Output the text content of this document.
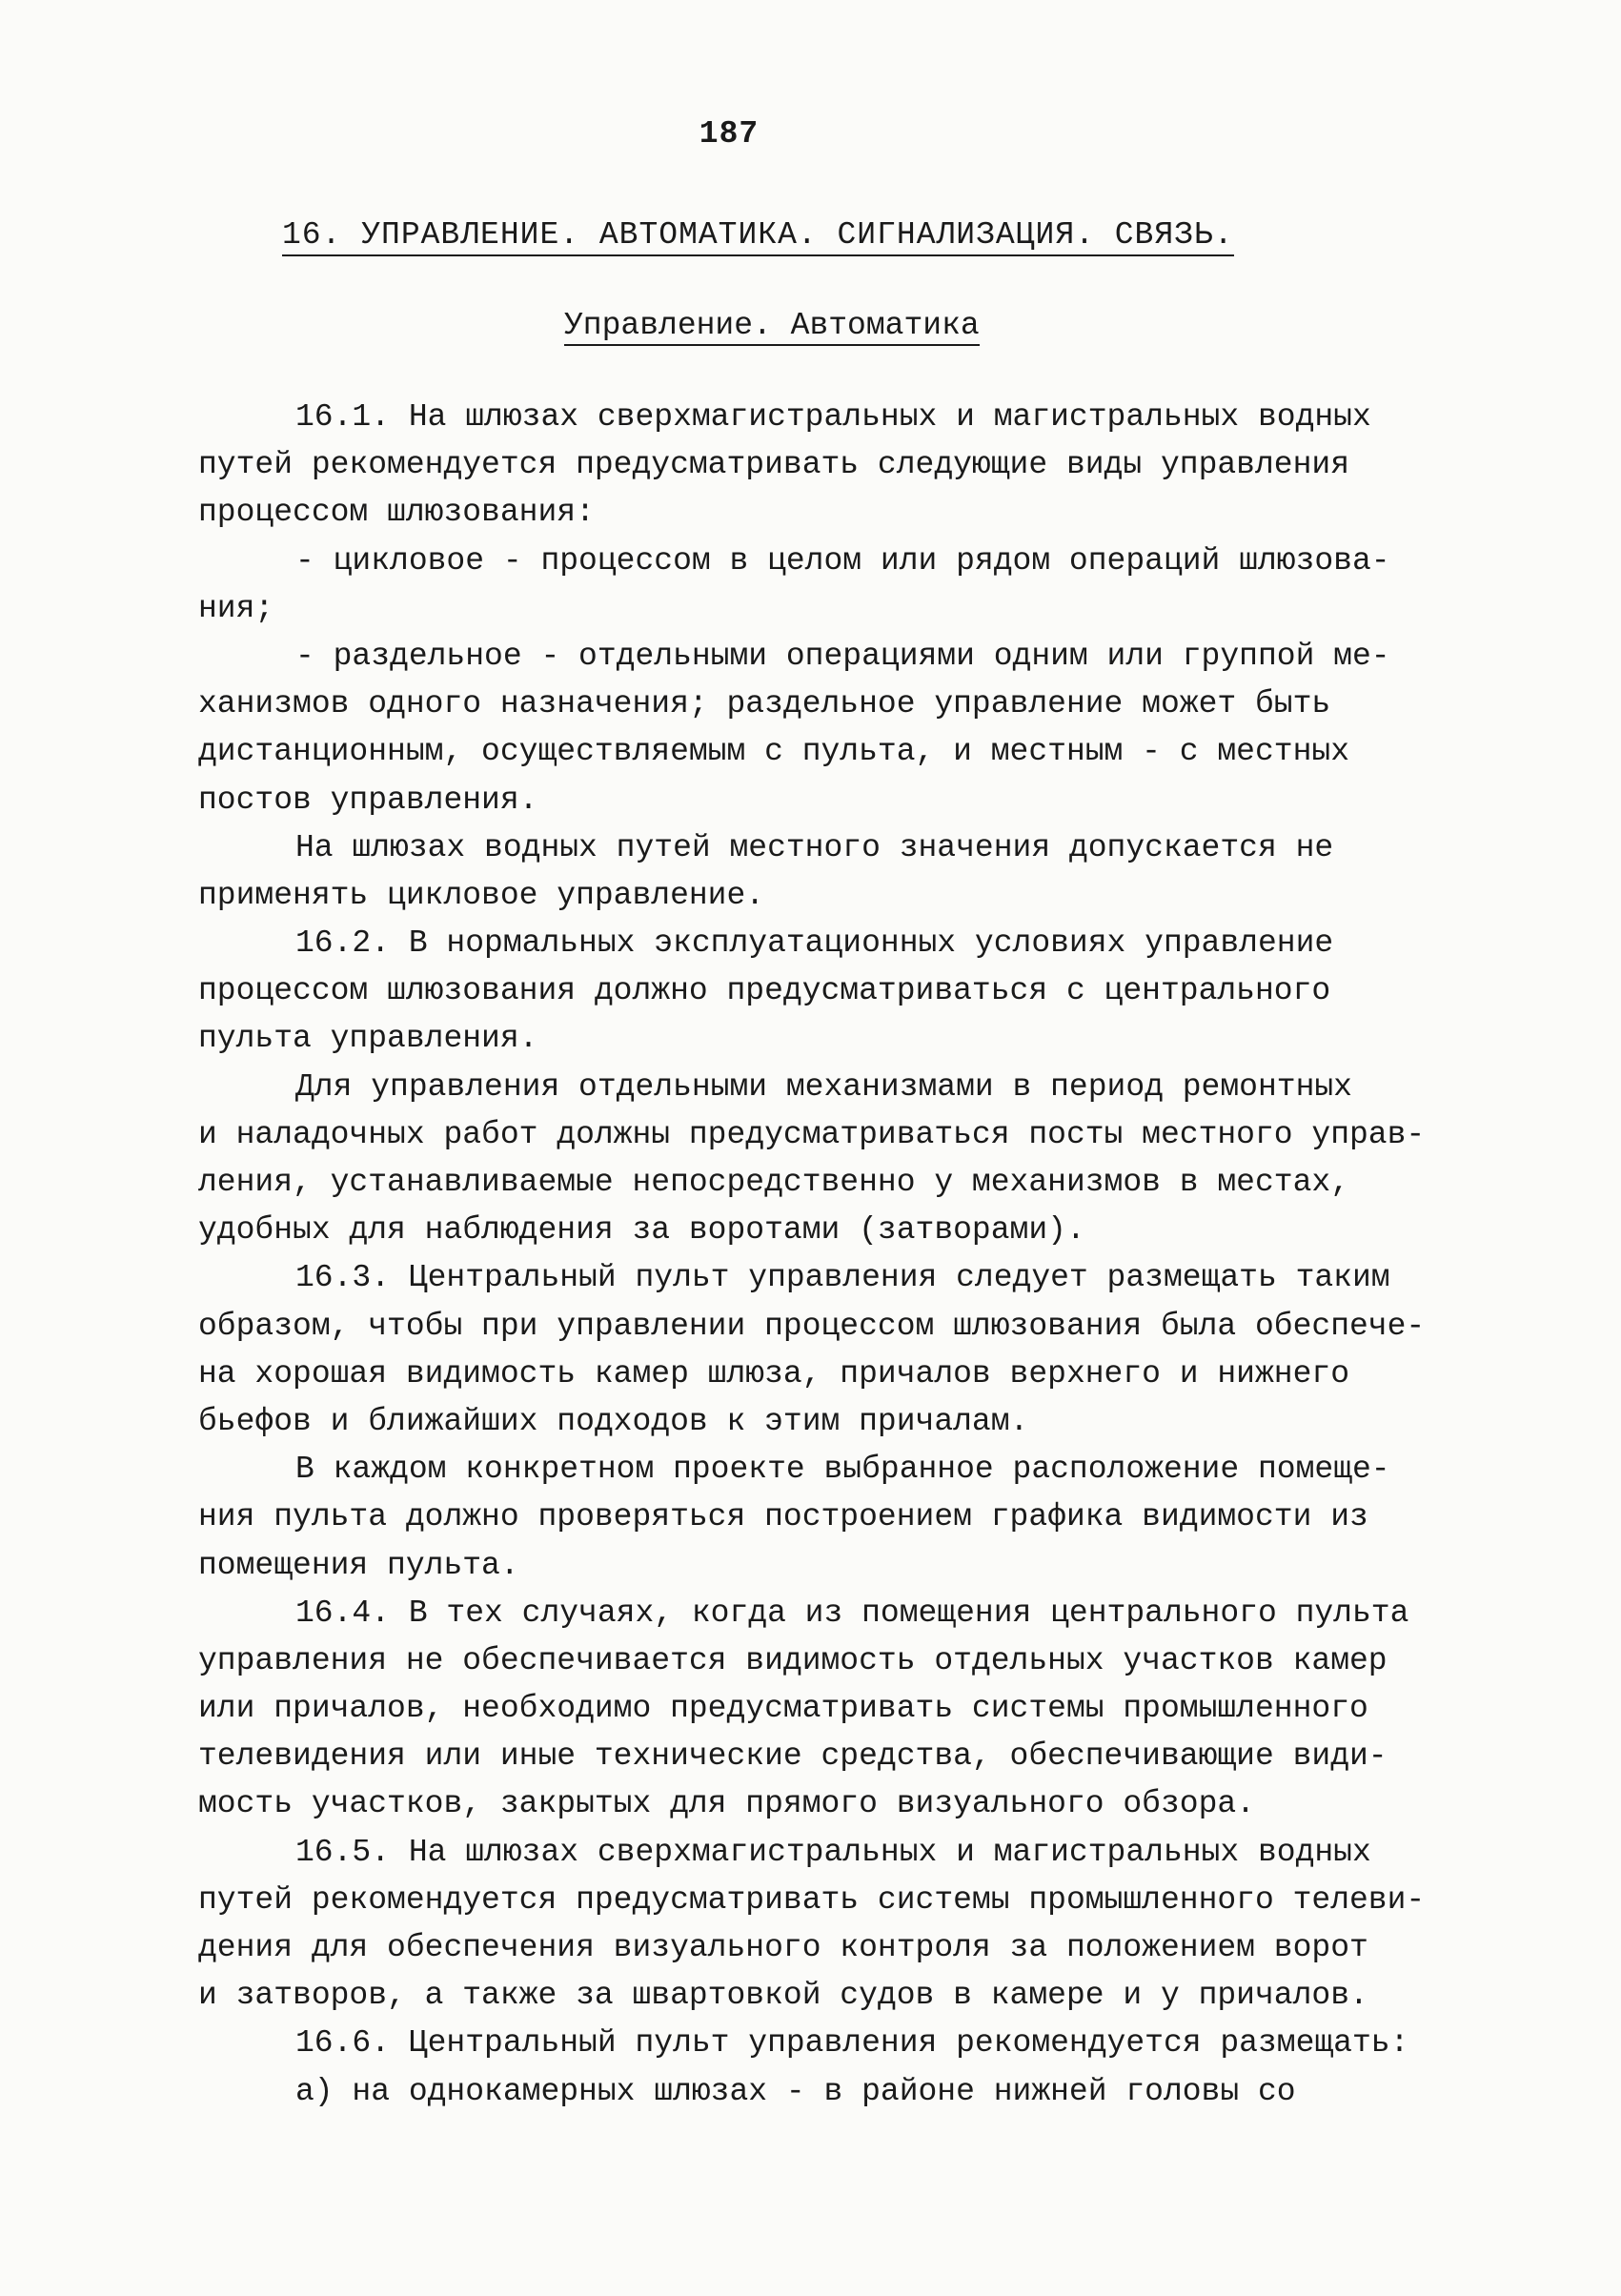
187
16. УПРАВЛЕНИЕ. АВТОМАТИКА. СИГНАЛИЗАЦИЯ. СВЯЗЬ.
Управление. Автоматика
16.1. На шлюзах сверхмагистральных и магистральных водных
путей рекомендуется предусматривать следующие виды управления
процессом шлюзования:
- цикловое - процессом в целом или рядом операций шлюзова-
ния;
- раздельное - отдельными операциями одним или группой ме-
ханизмов одного назначения; раздельное управление может быть
дистанционным, осуществляемым с пульта, и местным - с местных
постов управления.
На шлюзах водных путей местного значения допускается не
применять цикловое управление.
16.2. В нормальных эксплуатационных условиях управление
процессом шлюзования должно предусматриваться с центрального
пульта управления.
Для управления отдельными механизмами в период ремонтных
и наладочных работ должны предусматриваться посты местного управ-
ления, устанавливаемые непосредственно у механизмов в местах,
удобных для наблюдения за воротами (затворами).
16.3. Центральный пульт управления следует размещать таким
образом, чтобы при управлении процессом шлюзования была обеспече-
на хорошая видимость камер шлюза, причалов верхнего и нижнего
бьефов и ближайших подходов к этим причалам.
В каждом конкретном проекте выбранное расположение помеще-
ния пульта должно проверяться построением графика видимости из
помещения пульта.
16.4. В тех случаях, когда из помещения центрального пульта
управления не обеспечивается видимость отдельных участков камер
или причалов, необходимо предусматривать системы промышленного
телевидения или иные технические средства, обеспечивающие види-
мость участков, закрытых для прямого визуального обзора.
16.5. На шлюзах сверхмагистральных и магистральных водных
путей рекомендуется предусматривать системы промышленного телеви-
дения для обеспечения визуального контроля за положением ворот
и затворов, а также за швартовкой судов в камере и у причалов.
16.6. Центральный пульт управления рекомендуется размещать:
а) на однокамерных шлюзах - в районе нижней головы со
